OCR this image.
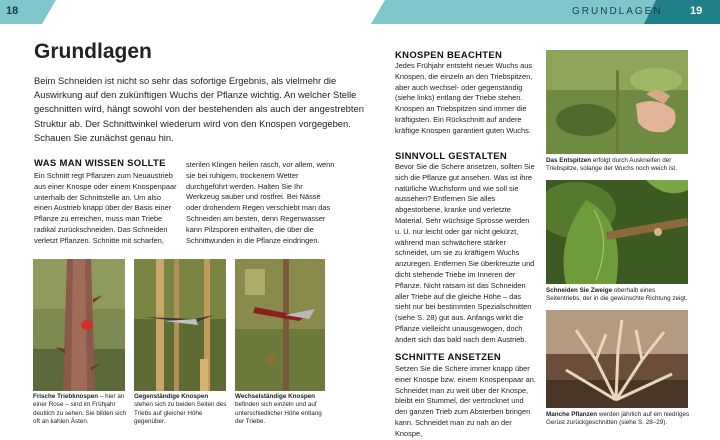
18	GRUNDLAGEN 19
Grundlagen
Beim Schneiden ist nicht so sehr das sofortige Ergebnis, als vielmehr die Auswirkung auf den zukünftigen Wuchs der Pflanze wichtig. An welcher Stelle geschnitten wird, hängt sowohl von der bestehenden als auch der angestrebten Struktur ab. Der Schnittwinkel wiederum wird von den Knospen vorgegeben. Schauen Sie zunächst genau hin.
WAS MAN WISSEN SOLLTE
Ein Schnitt regt Pflanzen zum Neuaustrieb aus einer Knospe oder einem Knospenpaar unterhalb der Schnittstelle an. Um also einen Austrieb knapp über der Basis einer Pflanze zu erreichen, muss man Triebe radikal zurückschneiden. Das Schneiden verletzt Pflanzen. Schnitte mit scharfen,
sterilen Klingen heilen rasch, vor allem, wenn sie bei ruhigem, trockenem Wetter durchgeführt werden. Halten Sie Ihr Werkzeug sauber und rostfrei. Bei Nässe oder drohendem Regen verschiebt man das Schneiden am besten, denn Regenwasser kann Pilzsporen enthalten, die über die Schnittwunden in die Pflanze eindringen.
Frische Triebknospen – hier an einer Rose – sind im Frühjahr deutlich zu sehen. Sie bilden sich oft an kahlen Ästen.
Gegenständige Knospen stehen sich zu beiden Seiten des Triebs auf gleicher Höhe gegenüber.
Wechselständige Knospen befinden sich einzeln und auf unterschiedlicher Höhe entlang der Triebe.
KNOSPEN BEACHTEN
Jedes Frühjahr entsteht neuer Wuchs aus Knospen, die einzeln an den Triebspitzen, aber auch wechsel- oder gegenständig (siehe links) entlang der Triebe stehen. Knospen an Triebspitzen sind immer die kräftigsten. Ein Rückschnitt auf andere kräftige Knospen garantiert guten Wuchs.
SINNVOLL GESTALTEN
Bevor Sie die Schere ansetzen, sollten Sie sich die Pflanze gut ansehen. Was ist ihre natürliche Wuchsform und wie soll sie aussehen? Entfernen Sie alles abgestorbene, kranke und verletzte Material. Sehr wüchsige Sprosse werden u. U. nur leicht oder gar nicht gekürzt, während man schwächere stärker schneidet, um sie zu kräftigem Wuchs anzuregen. Entfernen Sie überkreuzte und dicht stehende Triebe im Inneren der Pflanze. Nicht ratsam ist das Schneiden aller Triebe auf die gleiche Höhe – das sieht nur bei bestimmten Spezialschnitten (siehe S. 28) gut aus. Anfangs wirkt die Pflanze vielleicht unausgewogen, doch ändert sich das bald nach dem Austrieb.
SCHNITTE ANSETZEN
Setzen Sie die Schere immer knapp über einer Knospe bzw. einem Knospenpaar an. Schneidet man zu weit über der Knospe, bleibt ein Stummel, der vertrocknet und den ganzen Trieb zum Absterben bringen kann. Schneidet man zu nah an der Knospe,
Das Entspitzen erfolgt durch Auskneifen der Triebspitze, solange der Wuchs noch weich ist.
Schneiden Sie Zweige oberhalb eines Seitentriebs, der in die gewünschte Richtung zeigt.
Manche Pflanzen werden jährlich auf ein niedriges Gerüst zurückgeschnitten (siehe S. 28–29).
